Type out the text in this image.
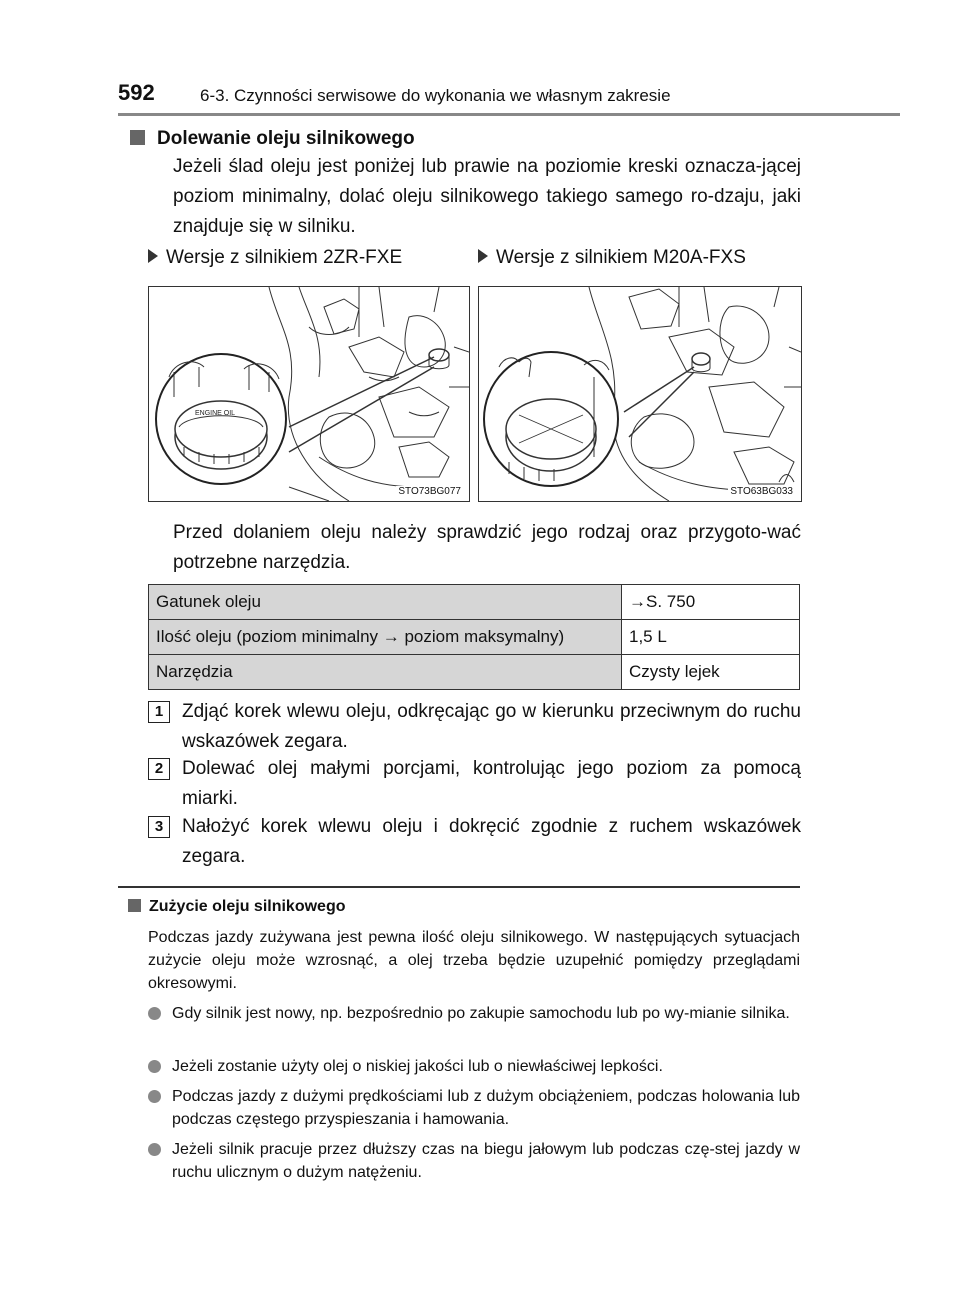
592	6-3. Czynności serwisowe do wykonania we własnym zakresie
Dolewanie oleju silnikowego
Jeżeli ślad oleju jest poniżej lub prawie na poziomie kreski oznacza-jącej poziom minimalny, dolać oleju silnikowego takiego samego ro-dzaju, jaki znajduje się w silniku.
Wersje z silnikiem 2ZR-FXE	Wersje z silnikiem M20A-FXS
ENGINE OIL
STO73BG077	STO63BG033
Przed dolaniem oleju należy sprawdzić jego rodzaj oraz przygoto-wać potrzebne narzędzia.
Gatunek oleju	→S. 750
Ilość oleju (poziom minimalny → poziom maksymalny)	1,5 L
Narzędzia	Czysty lejek
1 Zdjąć korek wlewu oleju, odkręcając go w kierunku przeciwnym do ruchu wskazówek zegara.
2 Dolewać olej małymi porcjami, kontrolując jego poziom za pomocą miarki.
3 Nałożyć korek wlewu oleju i dokręcić zgodnie z ruchem wskazówek zegara.
Zużycie oleju silnikowego
Podczas jazdy zużywana jest pewna ilość oleju silnikowego. W następujących sytuacjach zużycie oleju może wzrosnąć, a olej trzeba będzie uzupełnić pomiędzy przeglądami okresowymi.
Gdy silnik jest nowy, np. bezpośrednio po zakupie samochodu lub po wy-mianie silnika.
Jeżeli zostanie użyty olej o niskiej jakości lub o niewłaściwej lepkości.
Podczas jazdy z dużymi prędkościami lub z dużym obciążeniem, podczas holowania lub podczas częstego przyspieszania i hamowania.
Jeżeli silnik pracuje przez dłuższy czas na biegu jałowym lub podczas czę-stej jazdy w ruchu ulicznym o dużym natężeniu.
